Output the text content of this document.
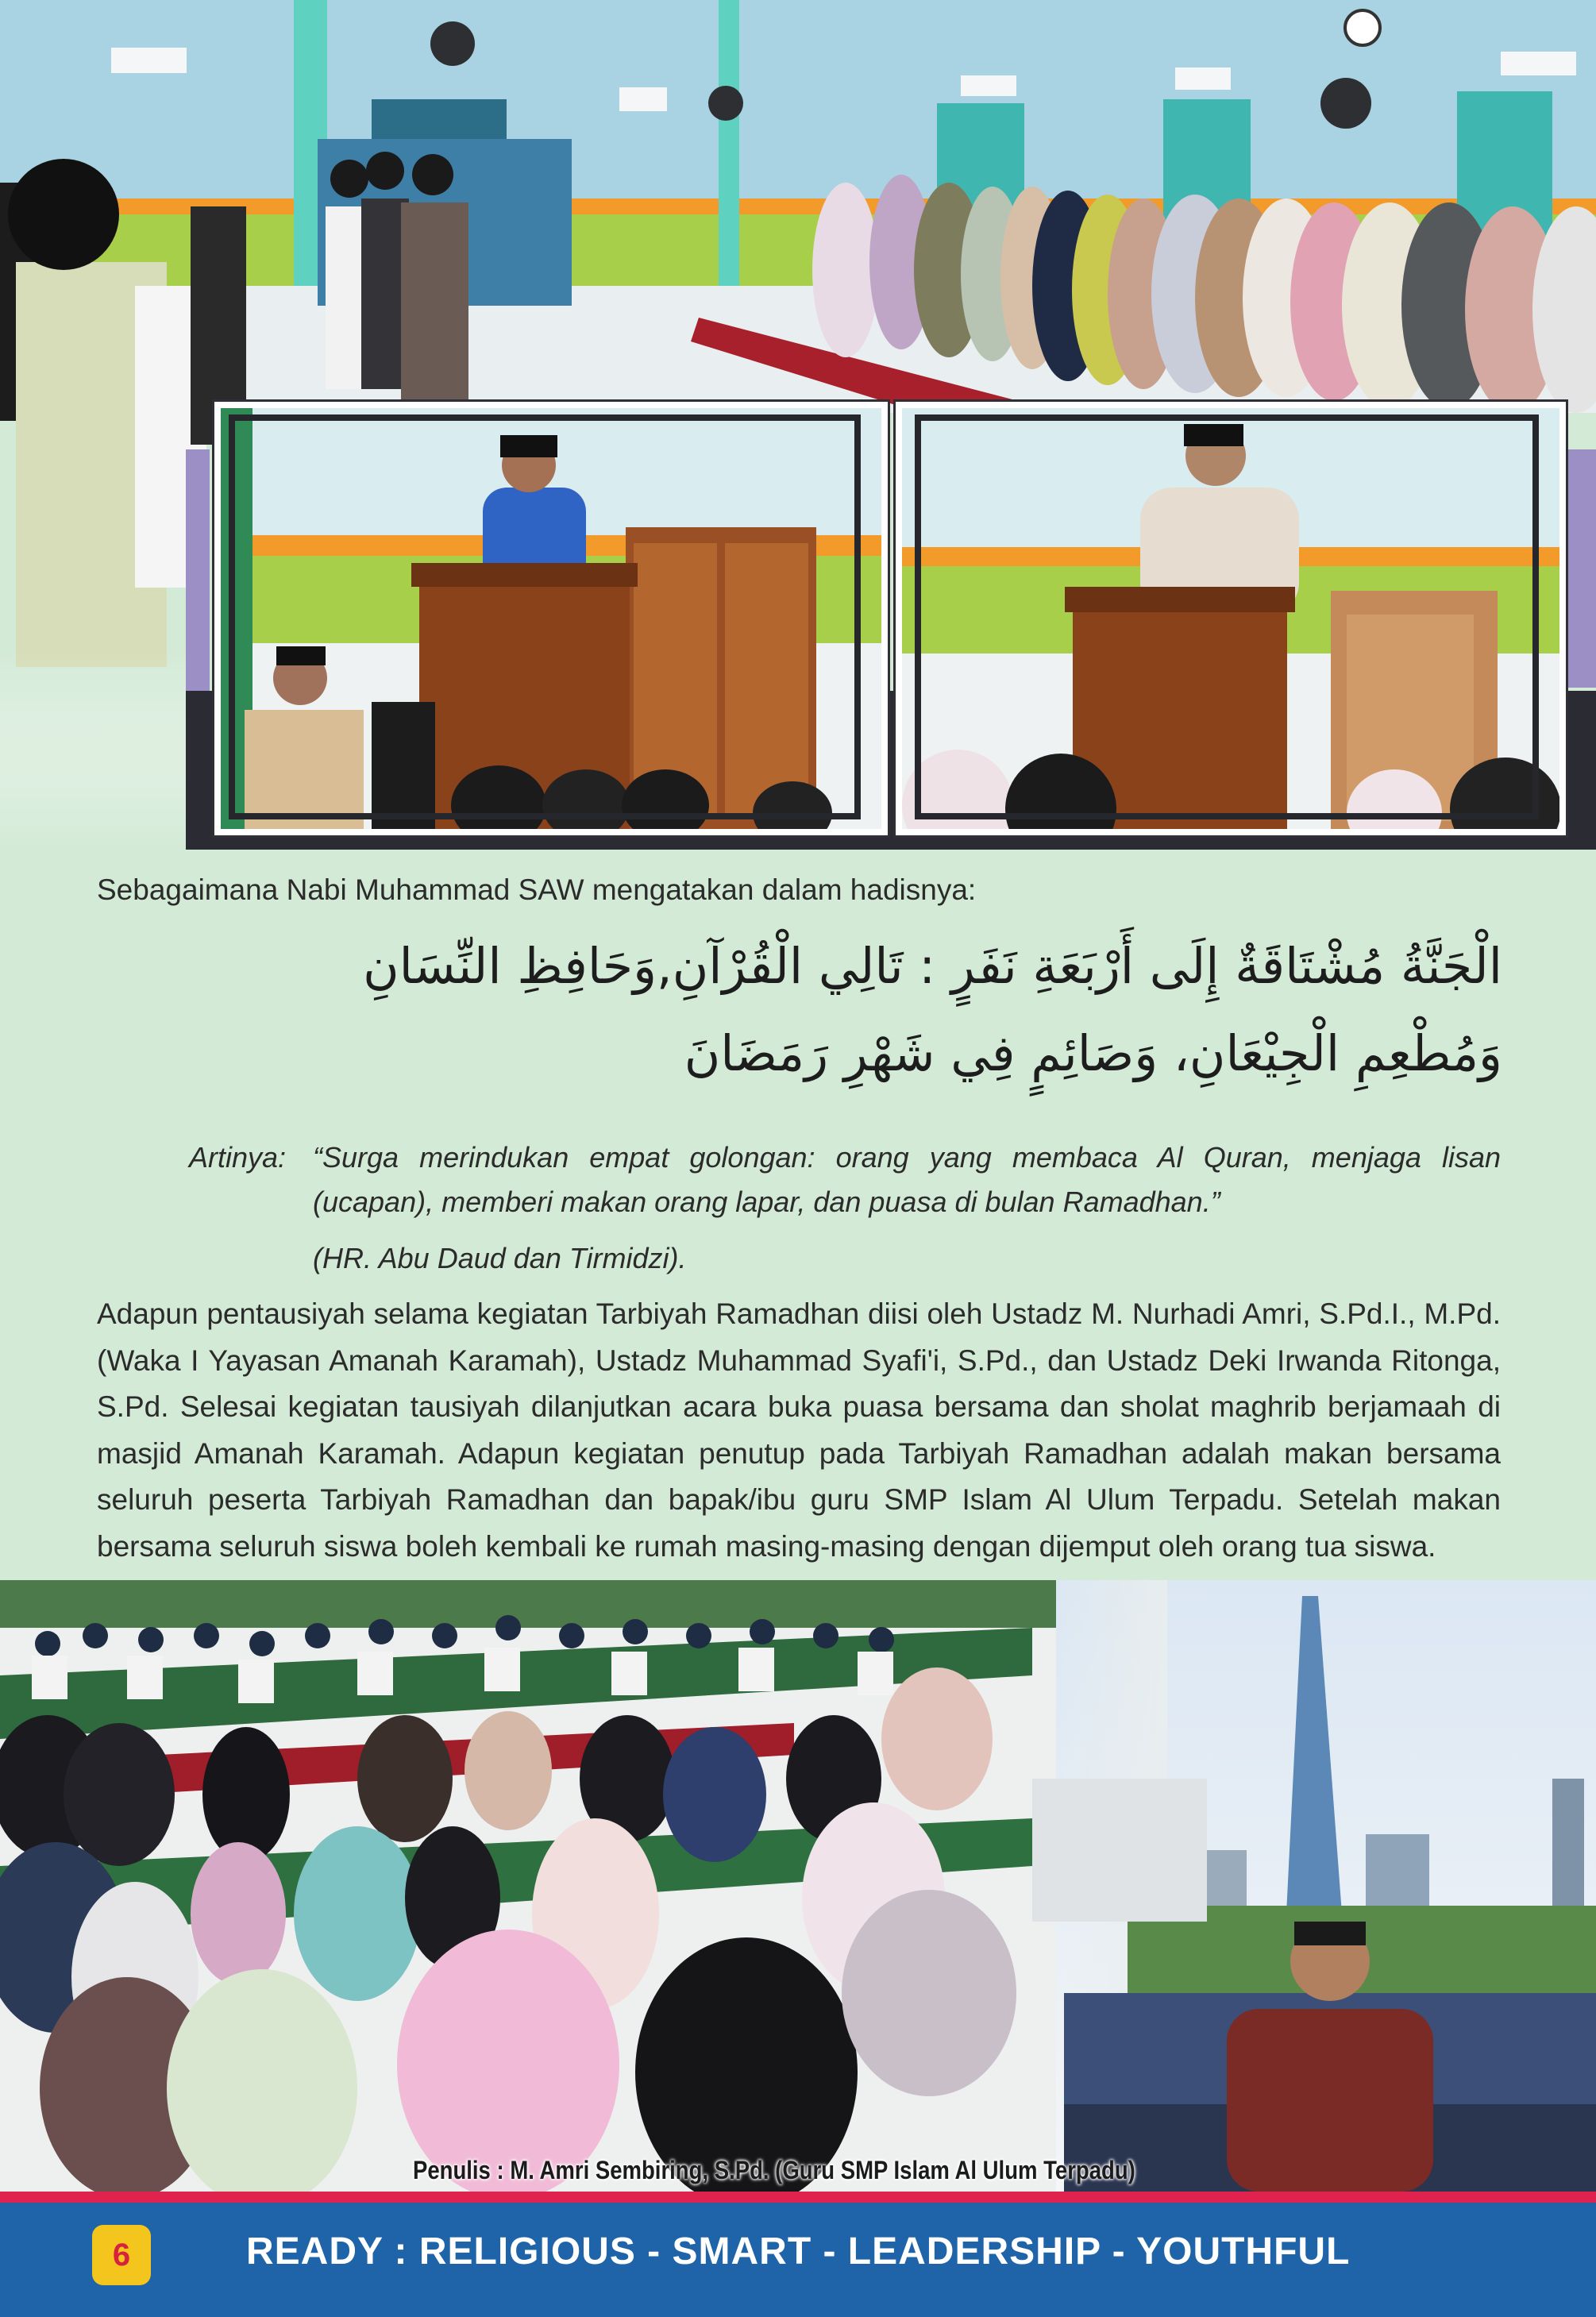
Sebagaimana Nabi Muhammad SAW mengatakan dalam hadisnya:
الْجَنَّةُ مُشْتَاقَةٌ إِلَى أَرْبَعَةِ نَفَرٍ : تَالِي الْقُرْآنِ,وَحَافِظِ النِّسَانِ
وَمُطْعِمِ الْجِيْعَانِ، وَصَائِمٍ فِي شَهْرِ رَمَضَانَ
Artinya: “Surga merindukan empat golongan: orang yang membaca Al Quran, menjaga lisan (ucapan), memberi makan orang lapar, dan puasa di bulan Ramadhan.”
(HR. Abu Daud dan Tirmidzi).
Adapun pentausiyah selama kegiatan Tarbiyah Ramadhan diisi oleh Ustadz M. Nurhadi Amri, S.Pd.I., M.Pd. (Waka I Yayasan Amanah Karamah), Ustadz Muhammad Syafi'i, S.Pd., dan Ustadz Deki Irwanda Ritonga, S.Pd. Selesai kegiatan tausiyah dilanjutkan acara buka puasa bersama dan sholat maghrib berjamaah di masjid Amanah Karamah. Adapun kegiatan penutup pada Tarbiyah Ramadhan adalah makan bersama seluruh peserta Tarbiyah Ramadhan dan bapak/ibu guru SMP Islam Al Ulum Terpadu. Setelah makan bersama seluruh siswa boleh kembali ke rumah masing-masing dengan dijemput oleh orang tua siswa.
Penulis : M. Amri Sembiring, S.Pd. (Guru SMP Islam Al Ulum Terpadu)
6	READY : RELIGIOUS - SMART - LEADERSHIP - YOUTHFUL
